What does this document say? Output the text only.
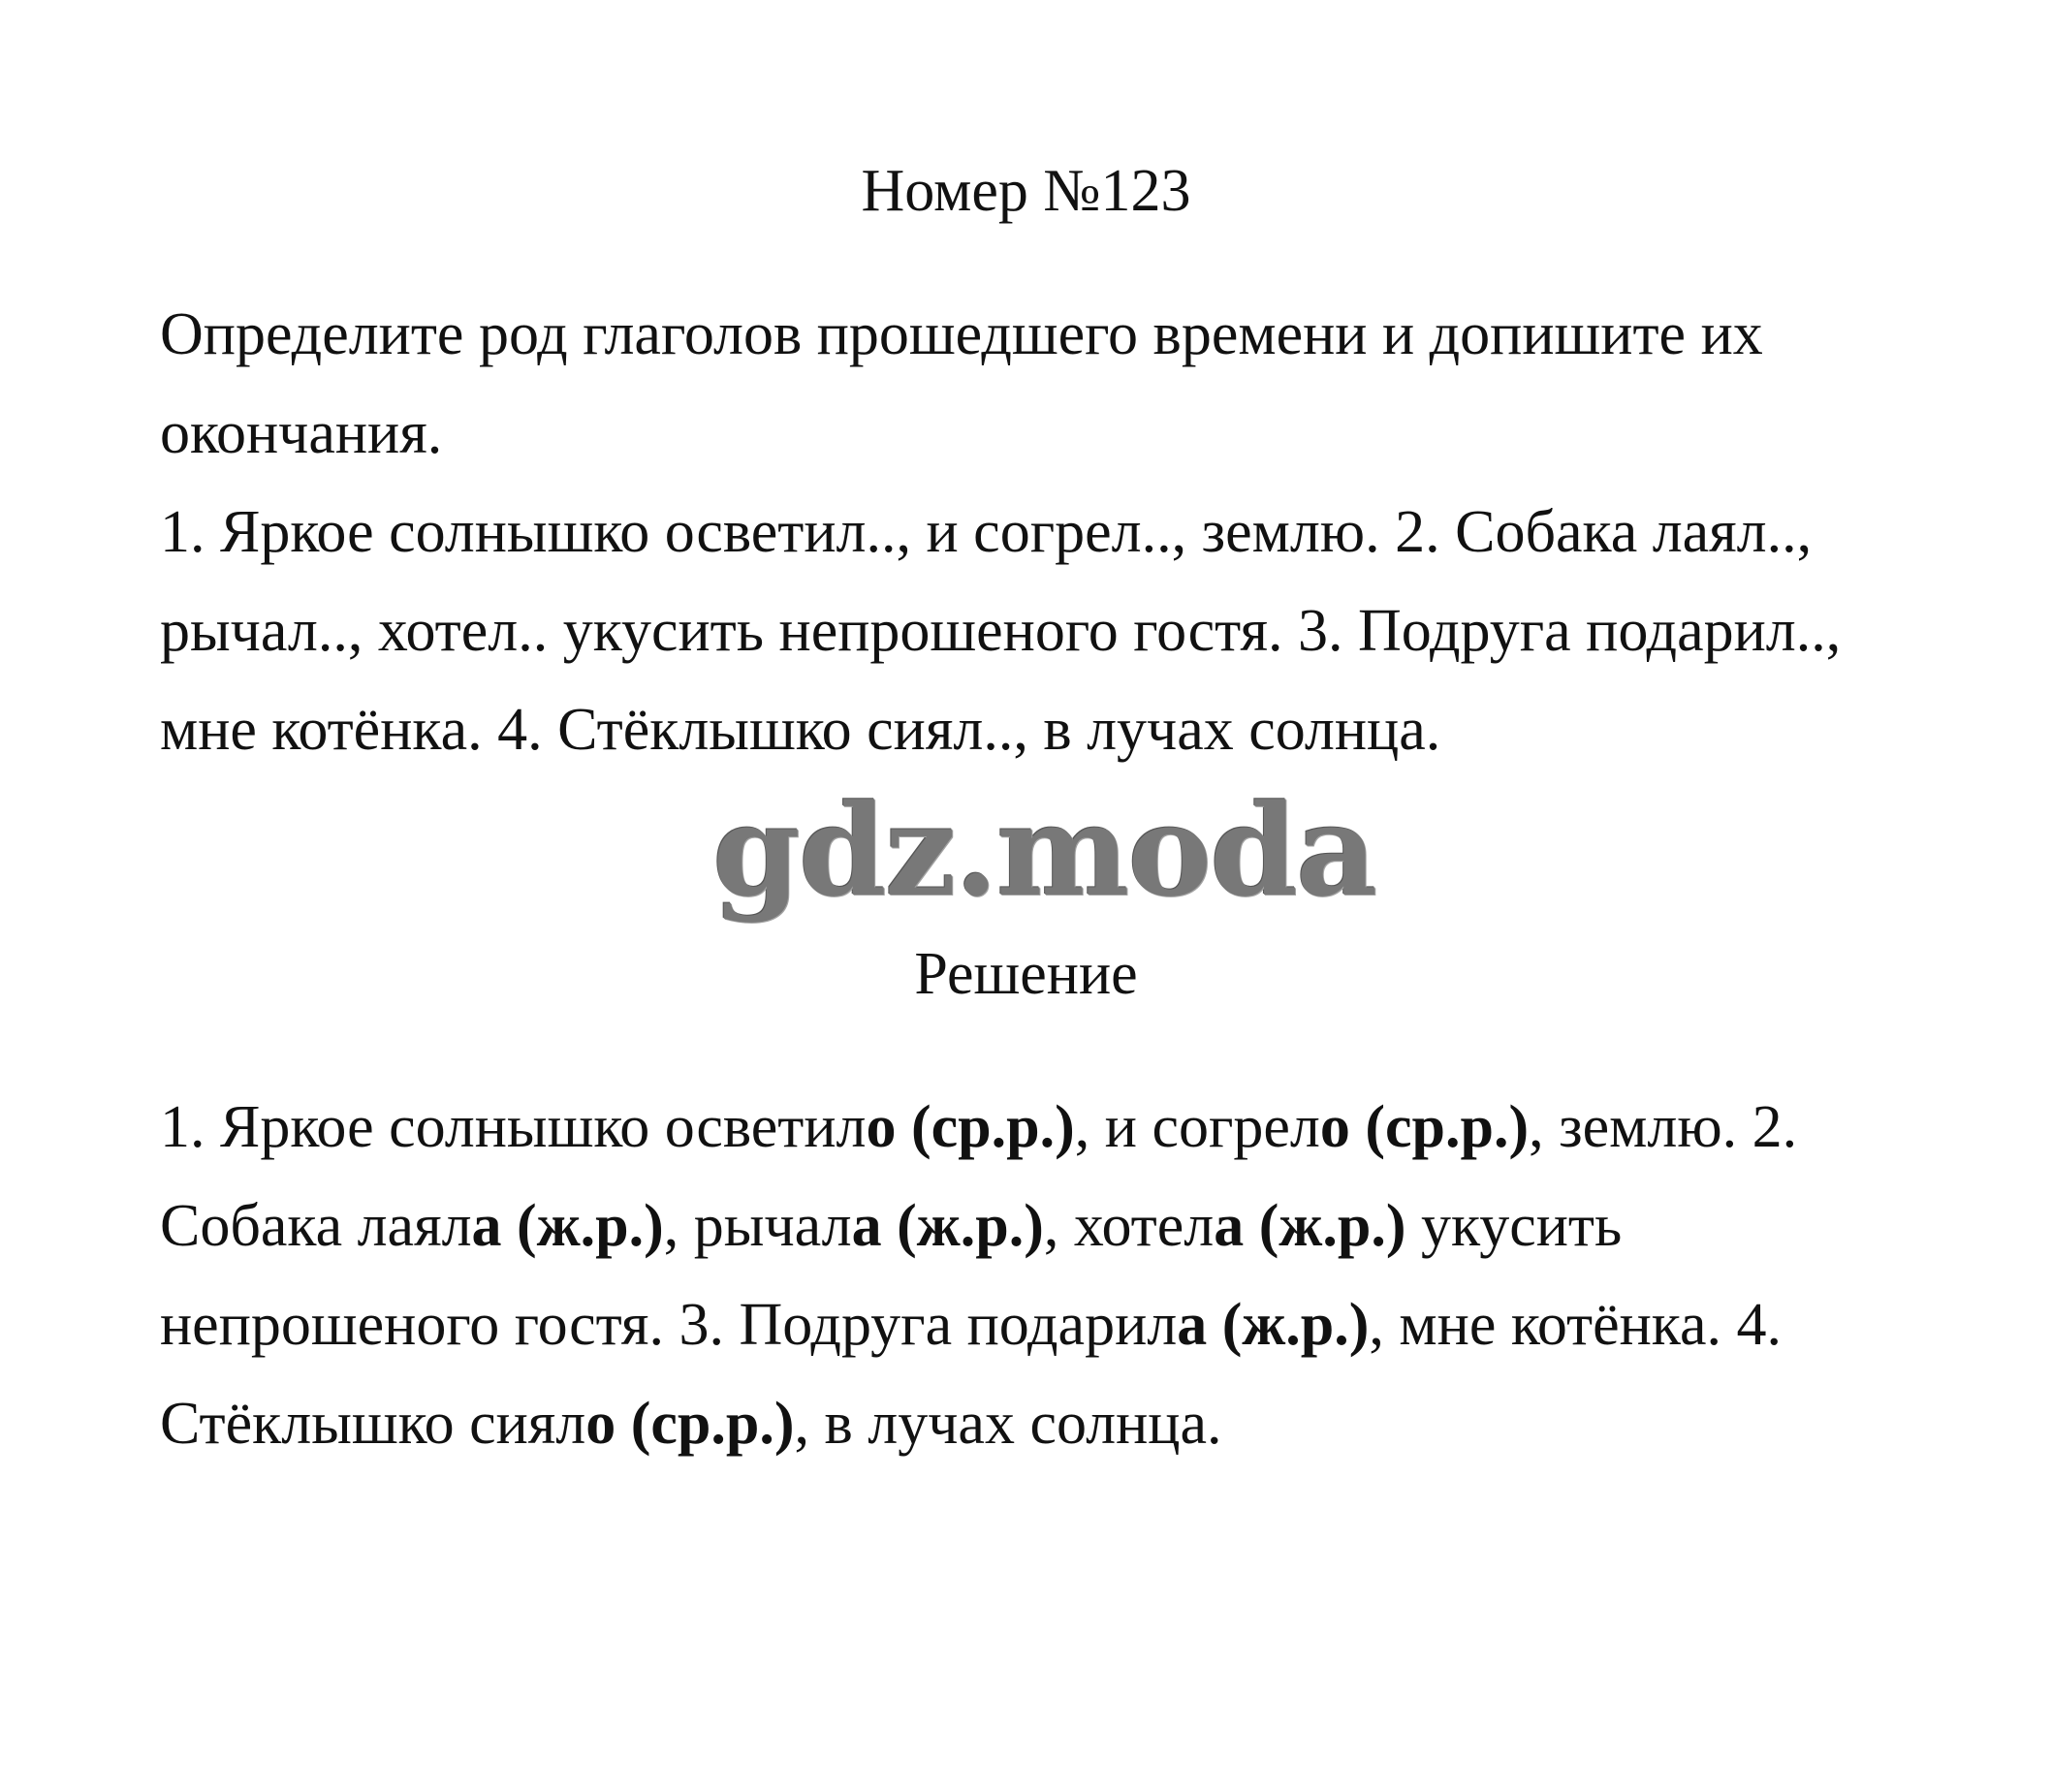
Номер №123

Определите род глаголов прошедшего времени и допишите их окончания.

1. Яркое солнышко осветил.., и согрел.., землю. 2. Собака лаял.., рычал.., хотел.. укусить непрошеного гостя. 3. Подруга подарил.., мне котёнка. 4. Стёклышко сиял.., в лучах солнца.

gdz.moda
Решение

1. Яркое солнышко осветило (ср.р.), и согрело (ср.р.), землю. 2. Собака лаяла (ж.р.), рычала (ж.р.), хотела (ж.р.) укусить непрошеного гостя. 3. Подруга подарила (ж.р.), мне котёнка. 4. Стёклышко сияло (ср.р.), в лучах солнца.
